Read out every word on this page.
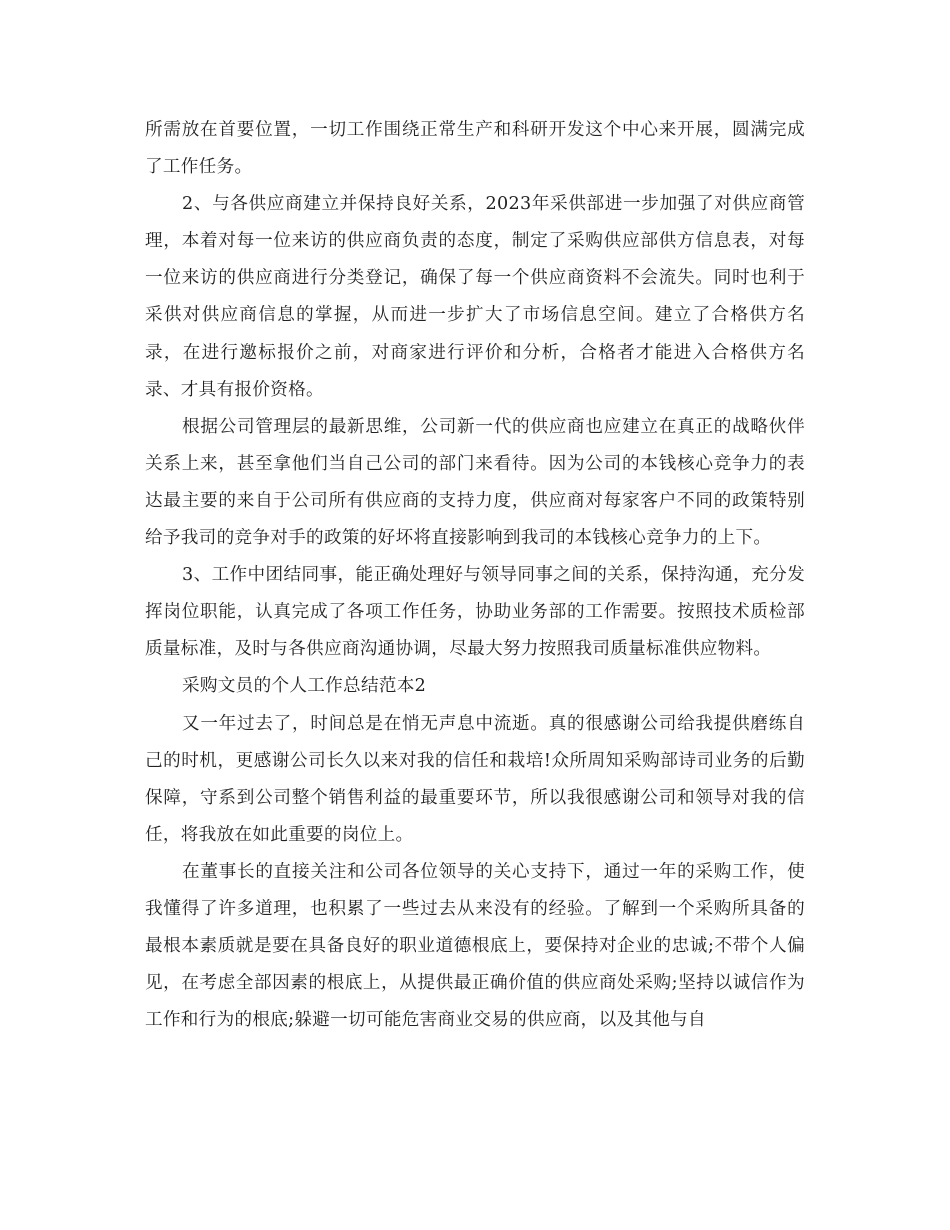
所需放在首要位置，一切工作围绕正常生产和科研开发这个中心来开展，圆满完成了工作任务。

2、与各供应商建立并保持良好关系，2023年采供部进一步加强了对供应商管理，本着对每一位来访的供应商负责的态度，制定了采购供应部供方信息表，对每一位来访的供应商进行分类登记，确保了每一个供应商资料不会流失。同时也利于采供对供应商信息的掌握，从而进一步扩大了市场信息空间。建立了合格供方名录，在进行邀标报价之前，对商家进行评价和分析，合格者才能进入合格供方名录、才具有报价资格。

根据公司管理层的最新思维，公司新一代的供应商也应建立在真正的战略伙伴关系上来，甚至拿他们当自己公司的部门来看待。因为公司的本钱核心竞争力的表达最主要的来自于公司所有供应商的支持力度，供应商对每家客户不同的政策特别给予我司的竞争对手的政策的好坏将直接影响到我司的本钱核心竞争力的上下。

3、工作中团结同事，能正确处理好与领导同事之间的关系，保持沟通，充分发挥岗位职能，认真完成了各项工作任务，协助业务部的工作需要。按照技术质检部质量标准，及时与各供应商沟通协调，尽最大努力按照我司质量标准供应物料。

采购文员的个人工作总结范本2

又一年过去了，时间总是在悄无声息中流逝。真的很感谢公司给我提供磨练自己的时机，更感谢公司长久以来对我的信任和栽培!众所周知采购部诗司业务的后勤保障，守系到公司整个销售利益的最重要环节，所以我很感谢公司和领导对我的信任，将我放在如此重要的岗位上。

在董事长的直接关注和公司各位领导的关心支持下，通过一年的采购工作，使我懂得了许多道理，也积累了一些过去从来没有的经验。了解到一个采购所具备的最根本素质就是要在具备良好的职业道德根底上，要保持对企业的忠诚;不带个人偏见，在考虑全部因素的根底上，从提供最正确价值的供应商处采购;坚持以诚信作为工作和行为的根底;躲避一切可能危害商业交易的供应商，以及其他与自
